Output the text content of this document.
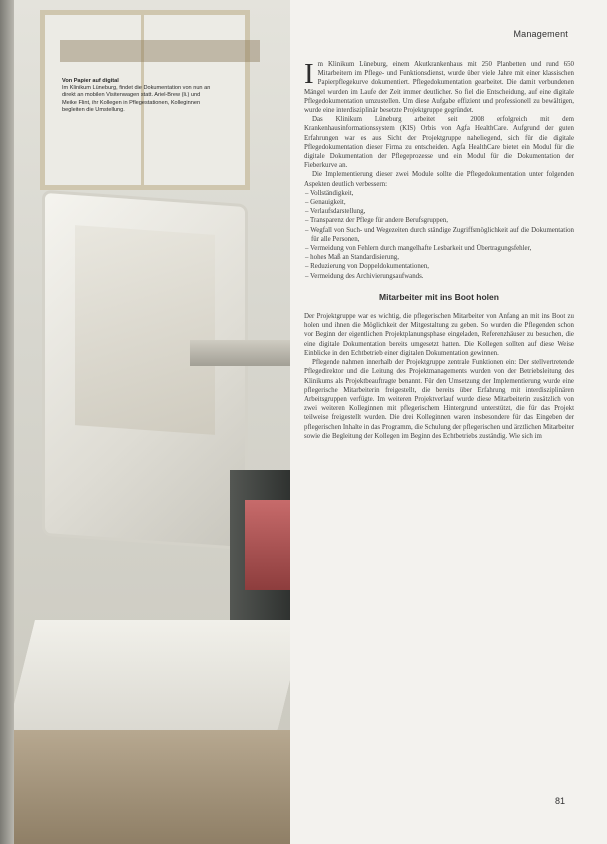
Von Papier auf digital
Im Klinikum Lüneburg, findet die Dokumentation von nun an direkt an mobilen Visitenwagen statt. Ariel-Brew (li.) und Meike Flint, ihr Kollegen in Pflegestationen, Kolleginnen begleiten die Umstellung.
Management

Im Klinikum Lüneburg, einem Akutkrankenhaus mit 250 Planbetten und rund 650 Mitarbeitern im Pflege- und Funktionsdienst, wurde über viele Jahre mit einer klassischen Papierpflegekurve dokumentiert. Pflegedokumentation gearbeitet. Die damit verbundenen Mängel wurden im Laufe der Zeit immer deutlicher. So fiel die Entscheidung, auf eine digitale Pflegedokumentation umzustellen. Um diese Aufgabe effizient und professionell zu bewältigen, wurde eine interdisziplinär besetzte Projektgruppe gegründet.

Das Klinikum Lüneburg arbeitet seit 2008 erfolgreich mit dem Krankenhausinformationssystem (KIS) Orbis von Agfa HealthCare. Aufgrund der guten Erfahrungen war es aus Sicht der Projektgruppe naheliegend, sich für die digitale Pflegedokumentation dieser Firma zu entscheiden. Agfa HealthCare bietet ein Modul für die digitale Dokumentation der Pflegeprozesse und ein Modul für die Dokumentation der Fieberkurve an.

Die Implementierung dieser zwei Module sollte die Pflegedokumentation unter folgenden Aspekten deutlich verbessern:

– Vollständigkeit,
– Genauigkeit,
– Verlaufsdarstellung,
– Transparenz der Pflege für andere Berufsgruppen,
– Wegfall von Such- und Wegezeiten durch ständige Zugriffsmöglichkeit auf die Dokumentation für alle Personen,
– Vermeidung von Fehlern durch mangelhafte Lesbarkeit und Übertragungsfehler,
– hohes Maß an Standardisierung,
– Reduzierung von Doppeldokumentationen,
– Vermeidung des Archivierungsaufwands.
Mitarbeiter mit ins Boot holen

Der Projektgruppe war es wichtig, die pflegerischen Mitarbeiter von Anfang an mit ins Boot zu holen und ihnen die Möglichkeit der Mitgestaltung zu geben. So wurden die Pflegenden schon vor Beginn der eigentlichen Projektplanungsphase eingeladen, Referenzhäuser zu besuchen, die eine digitale Dokumentation bereits umgesetzt hatten. Die Kollegen sollten auf diese Weise Einblicke in den Echtbetrieb einer digitalen Dokumentation gewinnen.

Pflegende nahmen innerhalb der Projektgruppe zentrale Funktionen ein: Der stellvertretende Pflegedirektor und die Leitung des Projektmanagements wurden von der Betriebsleitung des Klinikums als Projektbeauftragte benannt. Für den Umsetzung der Implementierung wurde eine pflegerische Mitarbeiterin freigestellt, die bereits über Erfahrung mit interdisziplinären Arbeitsgruppen verfügte. Im weiteren Projektverlauf wurde diese Mitarbeiterin zusätzlich von zwei weiteren Kolleginnen mit pflegerischem Hintergrund unterstützt, die für das Projekt teilweise freigestellt wurden. Die drei Kolleginnen waren insbesondere für das Eingeben der pflegerischen Inhalte in das Programm, die Schulung der pflegerischen und ärztlichen Mitarbeiter sowie die Begleitung der Kollegen im Beginn des Echtbetriebs zuständig. Wie sich im

81
